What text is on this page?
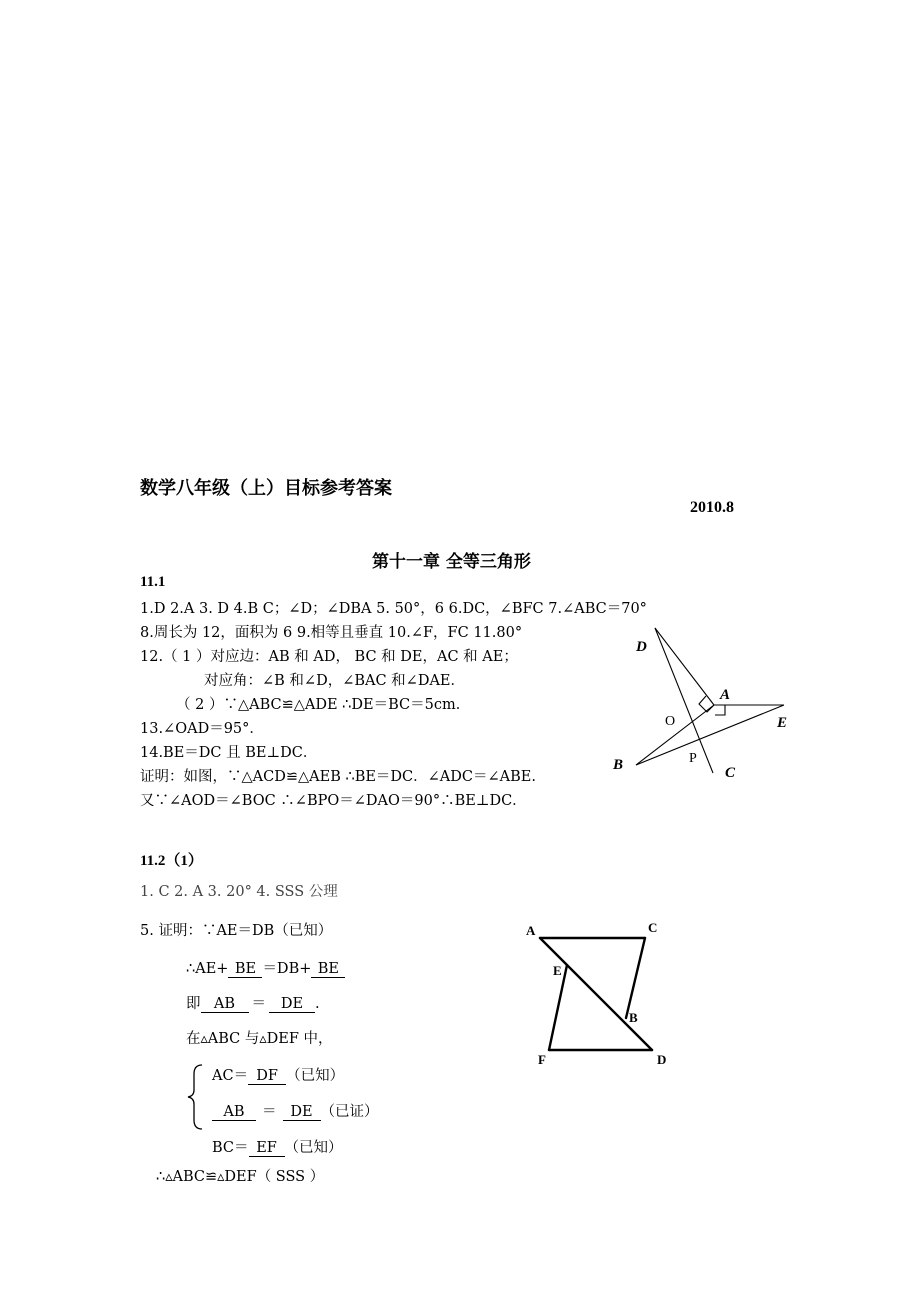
数学八年级（上）目标参考答案
2010.8
第十一章 全等三角形
11.1
1.D 2.A 3. D 4.B C；∠D；∠DBA 5. 50°，6 6.DC，∠BFC 7.∠ABC＝70°
8.周长为 12，面积为 6 9.相等且垂直 10.∠F，FC 11.80°
12.（ 1 ）对应边：AB 和 AD， BC 和 DE，AC 和 AE；
对应角：∠B 和∠D，∠BAC 和∠DAE．
（ 2 ）∵△ABC≌△ADE ∴DE＝BC＝5cm．
13.∠OAD＝95°．
14.BE＝DC 且 BE⊥DC．
证明：如图，∵△ACD≌△AEB ∴BE＝DC．∠ADC＝∠ABE.
又∵∠AOD＝∠BOC ∴∠BPO＝∠DAO＝90°∴BE⊥DC．
D
A
O	E
B	P
C
11.2（1）
1. C 2. A 3. 20° 4. SSS 公理
5. 证明：∵AE＝DB（已知）
∴AE+ BE ＝DB+ BE
即 AB ＝ DE .
在▵ABC 与▵DEF 中，
AC＝ DF （已知）
AB ＝ DE （已证）
BC＝ EF （已知）
∴▵ABC≌▵DEF（ SSS ）
A	C
E
B
F	D
